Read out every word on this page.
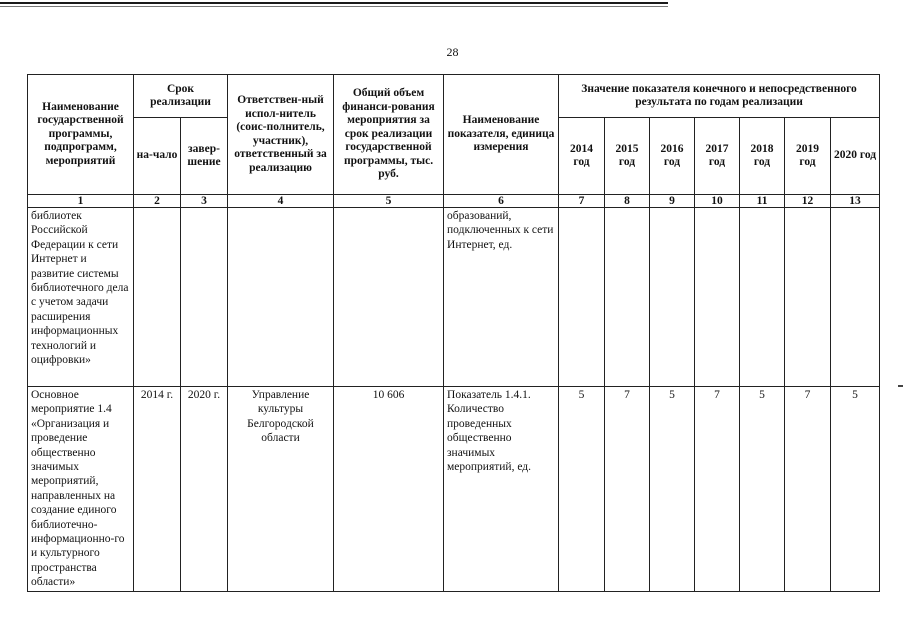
28
Наименование государственной программы, подпрограмм, мероприятий	Срок реализации		Ответствен-ный испол-нитель (соис-полнитель, участник), ответственный за реализацию	Общий объем финанси-рования мероприятия за срок реализации государственной программы, тыс. руб.	Наименование показателя, единица измерения	Значение показателя конечного и непосредственного результата по годам реализации						
	на-чало	завер-шение				2014 год	2015 год	2016 год	2017 год	2018 год	2019 год	2020 год
1	2	3	4	5	6	7	8	9	10	11	12	13
библиотек Российской Федерации к сети Интернет и развитие системы библиотечного дела с учетом задачи расширения информационных технологий и оцифровки»					образований, подключенных к сети Интернет, ед.							
Основное мероприятие 1.4 «Организация и проведение общественно значимых мероприятий, направленных на создание единого библиотечно-информационно-го и культурного пространства области»	2014 г.	2020 г.	Управление культуры Белгородской области	10 606	Показатель 1.4.1. Количество проведенных общественно значимых мероприятий, ед.	5	7	5	7	5	7	5
